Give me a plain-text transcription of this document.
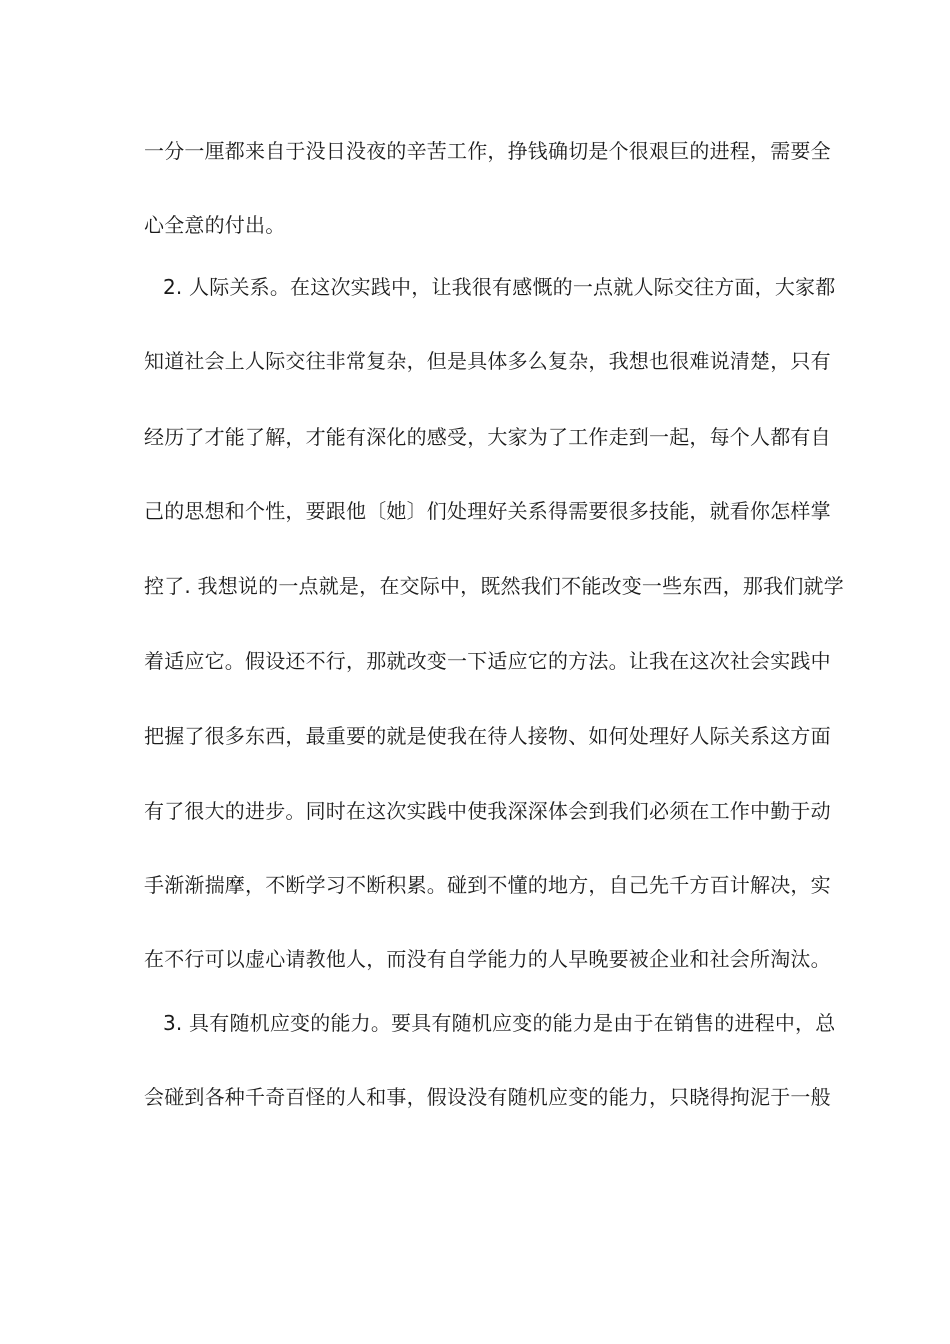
一分一厘都来自于没日没夜的辛苦工作，挣钱确切是个很艰巨的进程，需要全
心全意的付出。
2. 人际关系。在这次实践中，让我很有感慨的一点就人际交往方面，大家都
知道社会上人际交往非常复杂，但是具体多么复杂，我想也很难说清楚，只有
经历了才能了解，才能有深化的感受，大家为了工作走到一起，每个人都有自
己的思想和个性，要跟他〔她〕们处理好关系得需要很多技能，就看你怎样掌
控了. 我想说的一点就是，在交际中，既然我们不能改变一些东西，那我们就学
着适应它。假设还不行，那就改变一下适应它的方法。让我在这次社会实践中
把握了很多东西，最重要的就是使我在待人接物、如何处理好人际关系这方面
有了很大的进步。同时在这次实践中使我深深体会到我们必须在工作中勤于动
手渐渐揣摩，不断学习不断积累。碰到不懂的地方，自己先千方百计解决，实
在不行可以虚心请教他人，而没有自学能力的人早晚要被企业和社会所淘汰。
3. 具有随机应变的能力。要具有随机应变的能力是由于在销售的进程中，总
会碰到各种千奇百怪的人和事，假设没有随机应变的能力，只晓得拘泥于一般
